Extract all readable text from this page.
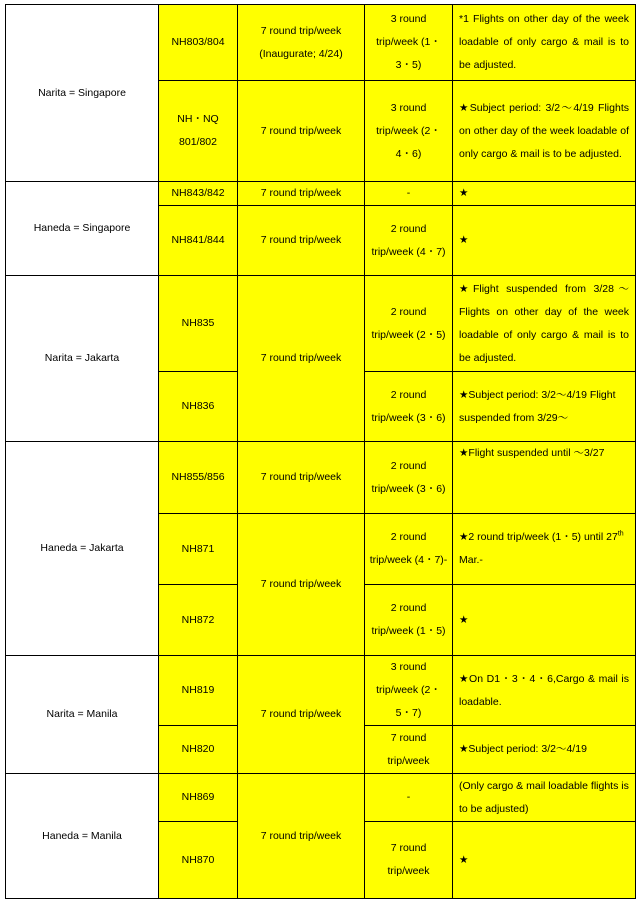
Narita = Singapore	NH803/804	7 round trip/week (Inaugurate; 4/24)	3 round trip/week (1・3・5)	*1 Flights on other day of the week loadable of only cargo & mail is to be adjusted.
	NH・NQ 801/802	7 round trip/week	3 round trip/week (2・4・6)	★Subject period: 3/2～4/19 Flights on other day of the week loadable of only cargo & mail is to be adjusted.
Haneda = Singapore	NH843/842	7 round trip/week	-	★
	NH841/844	7 round trip/week	2 round trip/week (4・7)	★
Narita = Jakarta	NH835	7 round trip/week	2 round trip/week (2・5)	★Flight suspended from 3/28～ Flights on other day of the week loadable of only cargo & mail is to be adjusted.
	NH836		2 round trip/week (3・6)	★Subject period: 3/2～4/19 Flight suspended from 3/29～
Haneda = Jakarta	NH855/856	7 round trip/week	2 round trip/week (3・6)	★Flight suspended until ～3/27
	NH871	7 round trip/week	2 round trip/week (4・7)-	★2 round trip/week (1・5) until 27th Mar.-
	NH872		2 round trip/week (1・5)	★
Narita = Manila	NH819	7 round trip/week	3 round trip/week (2・5・7)	★On D1・3・4・6,Cargo & mail is loadable.
	NH820		7 round trip/week	★Subject period: 3/2～4/19
Haneda = Manila	NH869	7 round trip/week	-	(Only cargo & mail loadable flights is to be adjusted)
	NH870		7 round trip/week	★
